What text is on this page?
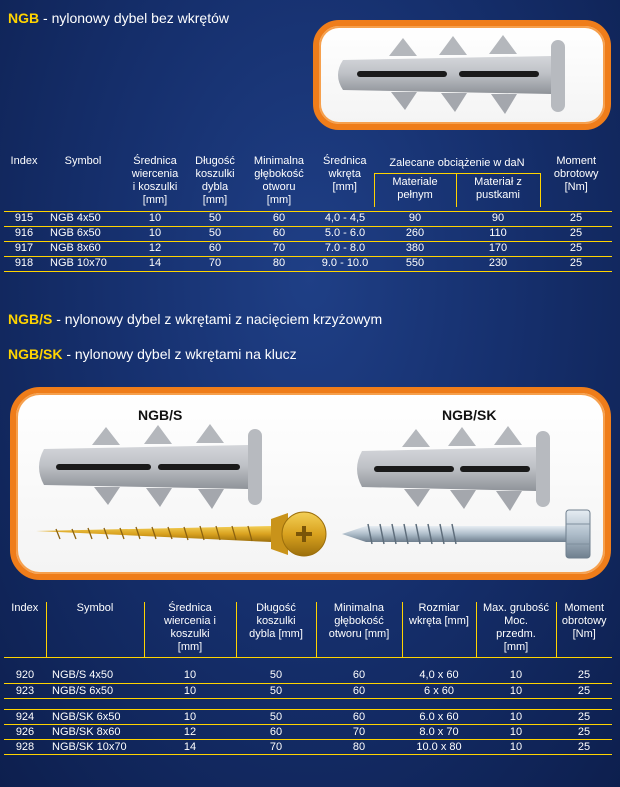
NGB - nylonowy dybel bez wkrętów
Index	Symbol	Średnica
wiercenia
i koszulki
[mm]	Długość
koszulki
dybla
[mm]	Minimalna
głębokość
otworu
[mm]	Średnica
wkręta
[mm]	Zalecane obciążenie w daN		Moment
obrotowy
[Nm]
						Materiale
pełnym	Materiał z
pustkami	

915	NGB 4x50	10	50	60	4,0 - 4,5	90	90	25
916	NGB 6x50	10	50	60	5.0 - 6.0	260	110	25
917	NGB 8x60	12	60	70	7.0 - 8.0	380	170	25
918	NGB 10x70	14	70	80	9.0 - 10.0	550	230	25
NGB/S - nylonowy dybel z wkrętami z nacięciem krzyżowym
NGB/SK - nylonowy dybel z wkrętami na klucz
NGB/S	NGB/SK
Index	Symbol	Średnica
wiercenia i
koszulki
[mm]	Długość
koszulki
dybla [mm]	Minimalna
głębokość
otworu [mm]	Rozmiar
wkręta [mm]	Max. grubość
Moc.
przedm.
[mm]	Moment
obrotowy
[Nm]

920	NGB/S 4x50	10	50	60	4,0 x 60	10	25
923	NGB/S 6x50	10	50	60	6 x 60	10	25

924	NGB/SK 6x50	10	50	60	6.0 x 60	10	25
926	NGB/SK 8x60	12	60	70	8.0 x 70	10	25
928	NGB/SK 10x70	14	70	80	10.0 x 80	10	25
